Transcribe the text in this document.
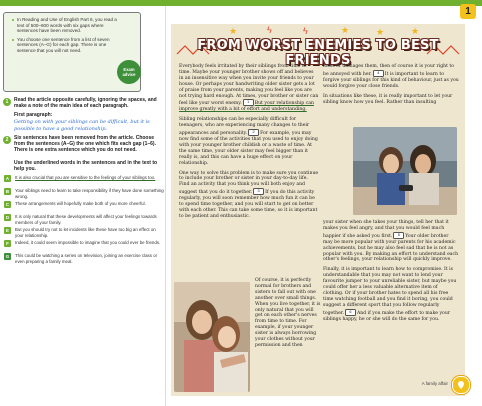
1
In Reading and Use of English Part 6, you read a text of 500–600 words with six gaps where sentences have been removed.
You choose one sentence from a list of seven sentences (A–G) for each gap. There is one sentence that you will not need.
Exam advice
1	Read the article opposite carefully, ignoring the spaces, and make a note of the main idea of each paragraph.
First paragraph:
Getting on with your siblings can be difficult, but it is possible to have a good relationship.
2	Six sentences have been removed from the article. Choose from the sentences (A–G) the one which fits each gap (1–6). There is one extra sentence which you do not need.
Use the underlined words in the sentences and in the text to help you.
A	It is also crucial that you are sensitive to the feelings of your siblings too.
B	Your siblings need to learn to take responsibility if they have done something wrong.
C	These arrangements will hopefully make both of you more cheerful.
D	It is only natural that these developments will affect your feelings towards members of your family.
E	But you should try not to let incidents like these have too big an effect on your relationship.
F	Indeed, it could seem impossible to imagine that you could ever be friends.
G	This could be watching a series on television, joining an exercise class or even preparing a family meal.
★	ϟ	ϟ	★	★	★
FROM WORST ENEMIES TO BEST FRIENDS

Everybody feels irritated by their siblings from time to time. Maybe your younger brother shows off and believes in an insensitive way when you invite your friends to your house. Or perhaps your handwriting older sister gets a lot of praise from your parents, making you feel like you are not trying hard enough. At times, your brother or sister can feel like your worst enemy. 1 But your relationship can improve greatly with a bit of effort and understanding.

Sibling relationships can be especially difficult for teenagers, who are experiencing many changes to their appearances and personality. 2 For example, you may now find some of the activities that you used to enjoy doing with your younger brother childish or a waste of time. At the same time, your older sister may feel bigger than it really is, and this can have a huge effect on your relationship.

One way to solve this problem is to make sure you continue to include your brother or sister in your day-to-day life. Find an activity that you think you will both enjoy and suggest that you do it together. 3 If you do this activity regularly, you will soon remember how much fun it can be to spend time together, and you will start to get on better with each other. This can take some time, so it is important to be patient and enthusiastic.

Of course, it is perfectly normal for brothers and sisters to fall out with one another over small things. When you live together, it is only natural that you will get on each other's nerves from time to time. For example, if your younger sister is always borrowing your clothes without your permission and then

loses or damages them, then of course it is your right to be annoyed with her. 4 It is important to learn to forgive your siblings for this kind of behaviour, just as you would forgive your close friends.

In situations like these, it is really important to let your sibling know how you feel. Rather than insulting

your sister when she takes your things, tell her that it makes you feel angry, and that you would feel much happier if she asked you first. 5 Your older brother may be more popular with your parents for his academic achievements, but he may also feel sad that he is not as popular with you. By making an effort to understand each other's feelings, your relationship will quickly improve.

Finally, it is important to learn how to compromise. It is understandable that you may not want to lend your favourite jumper to your unreliable sister, but maybe you could offer her a less valuable alternative item of clothing. Or if your brother hates to spend all his free time watching football and you find it boring, you could suggest a different sport that you follow regularly together. 6 And if you make the effort to make your siblings happy, he or she will do the same for you.

A family affair
